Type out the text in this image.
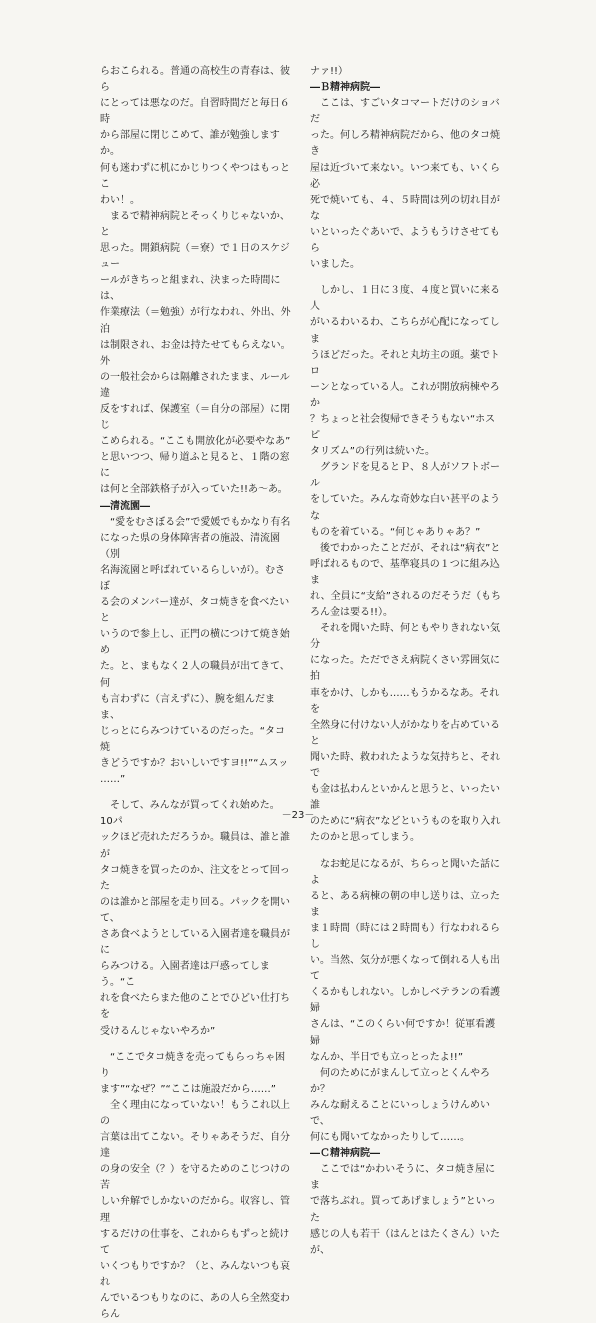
らおこられる。普通の高校生の青春は、彼ら
にとっては悪なのだ。自習時間だと毎日６時
から部屋に閉じこめて、誰が勉強しますか。
何も迷わずに机にかじりつくやつはもっとこ
わい！。

　まるで精神病院とそっくりじゃないか、と
思った。開鎖病院（＝寮）で１日のスケジュー
ールがきちっと組まれ、決まった時間には、
作業療法（＝勉強）が行なわれ、外出、外泊
は制限され、お金は持たせてもらえない。外
の一般社会からは隔離されたまま、ルール違
反をすれば、保護室（＝自分の部屋）に閉じ
こめられる。“ここも開放化が必要やなあ”
と思いつつ、帰り道ふと見ると、１階の窓に
は何と全部鉄格子が入っていた!!あ～あ。

―清流園―

　“愛をむさぼる会”で愛媛でもかなり有名
になった県の身体障害者の施設、清流園（別
名海流園と呼ばれているらしいが）。むさぼ
る会のメンバー達が、タコ焼きを食べたいと
いうので参上し、正門の横につけて焼き始め
た。と、まもなく２人の職員が出てきて、何
も言わずに（言えずに）、腕を組んだまま、
じっとにらみつけているのだった。“タコ焼
きどうですか？おいしいですヨ!!”“ムスッ
……”

　そして、みんなが買ってくれ始めた。10パ
ックほど売れただろうか。職員は、誰と誰が
タコ焼きを買ったのか、注文をとって回った
のは誰かと部屋を走り回る。パックを開いて、
さあ食べようとしている入園者達を職員がに
らみつける。入園者達は戸惑ってしまう。“こ
れを食べたらまた他のことでひどい仕打ちを
受けるんじゃないやろか”

　“ここでタコ焼きを売ってもらっちゃ困り
ます”“なぜ？”“ここは施設だから……”

　全く理由になっていない！もうこれ以上の
言葉は出てこない。そりゃあそうだ、自分達
の身の安全（？）を守るためのこじつけの苦
しい弁解でしかないのだから。収容し、管理
するだけの仕事を、これからもずっと続けて
いくつもりですか？（と、みんないつも哀れ
んでいるつもりなのに、あの人ら全然変わらん

ナァ!!）

―Ｂ精神病院―

　ここは、すごいタコマートだけのショバだ
った。何しろ精神病院だから、他のタコ焼き
屋は近づいて来ない。いつ来ても、いくら必
死で焼いても、４、５時間は列の切れ目がな
いといったぐあいで、ようもうけさせてもら
いました。

　しかし、１日に３度、４度と買いに来る人
がいるわいるわ、こちらが心配になってしま
うほどだった。それと丸坊主の頭。薬でトロ
ーンとなっている人。これが開放病棟やろか
？ちょっと社会復帰できそうもない“ホスピ
タリズム”の行列は続いた。

　グランドを見るとＰ、８人がソフトボール
をしていた。みんな奇妙な白い甚平のような
ものを着ている。“何じゃありゃあ？”

　後でわかったことだが、それは“病衣”と
呼ばれるもので、基準寝具の１つに組み込ま
れ、全員に“支給”されるのだそうだ（もち
ろん金は要る!!）。

　それを聞いた時、何ともやりきれない気分
になった。ただでさえ病院くさい雰囲気に拍
車をかけ、しかも……もうかるなあ。それを
全然身に付けない人がかなりを占めていると
聞いた時、救われたような気持ちと、それで
も金は払わんといかんと思うと、いったい誰
のために“病衣”などというものを取り入れ
たのかと思ってしまう。

　なお蛇足になるが、ちらっと聞いた話によ
ると、ある病棟の朝の申し送りは、立ったま
ま１時間（時には２時間も）行なわれるらし
い。当然、気分が悪くなって倒れる人も出て
くるかもしれない。しかしベテランの看護婦
さんは、“このくらい何ですか！従軍看護婦
なんか、半日でも立っとったよ!!”

　何のためにがまんして立っとくんやろか？
みんな耐えることにいっしょうけんめいで、
何にも聞いてなかったりして……。

―Ｃ精神病院―

　ここでは“かわいそうに、タコ焼き屋にま
で落ちぶれ。買ってあげましょう”といった
感じの人も若干（はんとはたくさん）いたが、

－23－
